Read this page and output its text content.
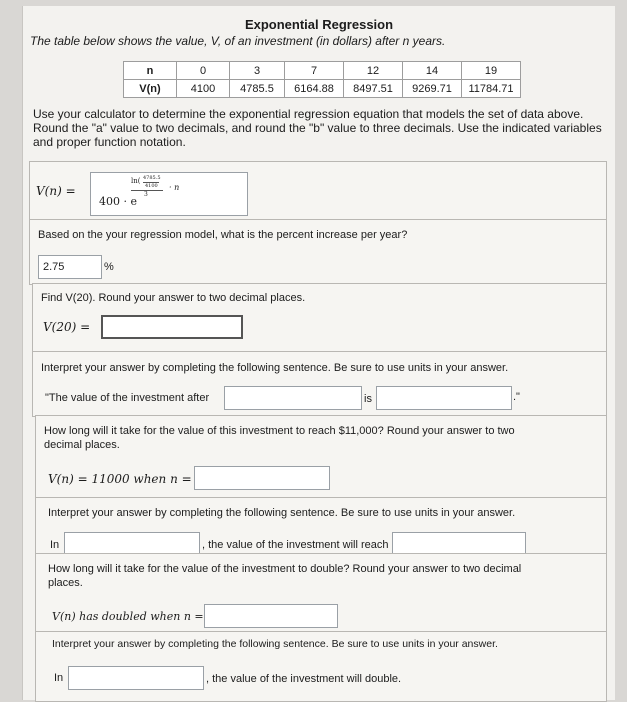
Exponential Regression
The table below shows the value, V, of an investment (in dollars) after n years.
n	0	3	7	12	14	19
V(n)	4100	4785.5	6164.88	8497.51	9269.71	11784.71
Use your calculator to determine the exponential regression equation that models the set of data above. Round the "a" value to two decimals, and round the "b" value to three decimals. Use the indicated variables and proper function notation.
V(n) =
400 · e
ln( 4785.5
4100
3
· n
Based on the your regression model, what is the percent increase per year?
2.75	%
Find V(20). Round your answer to two decimal places.
V(20) =
Interpret your answer by completing the following sentence. Be sure to use units in your answer.
"The value of the investment after	is	."
How long will it take for the value of this investment to reach $11,000? Round your answer to two decimal places.
V(n) = 11000 when n =
Interpret your answer by completing the following sentence. Be sure to use units in your answer.
In	, the value of the investment will reach
How long will it take for the value of the investment to double? Round your answer to two decimal places.
V(n) has doubled when n =
Interpret your answer by completing the following sentence. Be sure to use units in your answer.
In	, the value of the investment will double.
